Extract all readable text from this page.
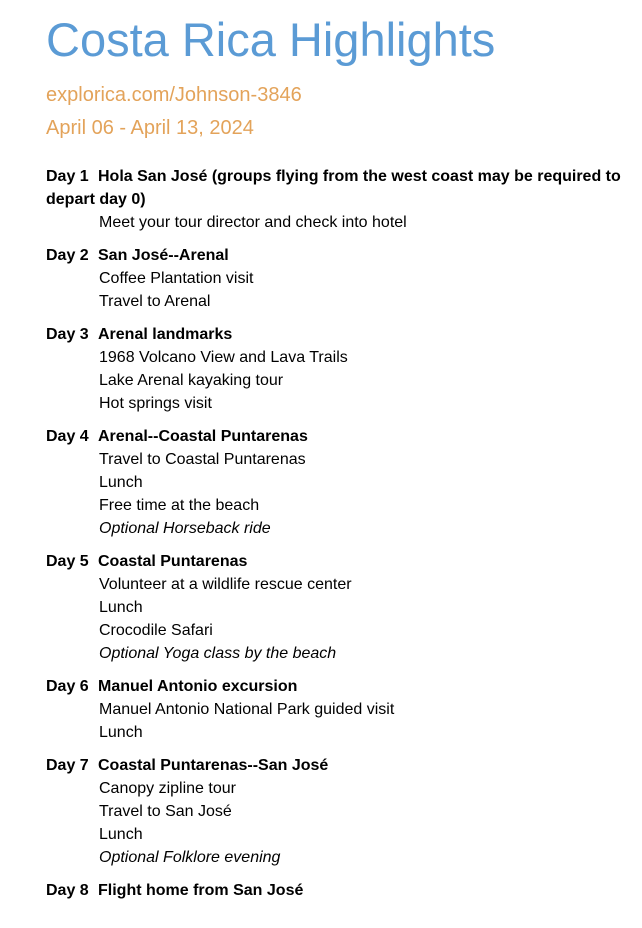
Costa Rica Highlights
explorica.com/Johnson-3846
April 06 - April 13, 2024
Day 1 Hola San José (groups flying from the west coast may be required to depart day 0)
Meet your tour director and check into hotel
Day 2 San José--Arenal
Coffee Plantation visit
Travel to Arenal
Day 3 Arenal landmarks
1968 Volcano View and Lava Trails
Lake Arenal kayaking tour
Hot springs visit
Day 4 Arenal--Coastal Puntarenas
Travel to Coastal Puntarenas
Lunch
Free time at the beach
Optional Horseback ride
Day 5 Coastal Puntarenas
Volunteer at a wildlife rescue center
Lunch
Crocodile Safari
Optional Yoga class by the beach
Day 6 Manuel Antonio excursion
Manuel Antonio National Park guided visit
Lunch
Day 7 Coastal Puntarenas--San José
Canopy zipline tour
Travel to San José
Lunch
Optional Folklore evening
Day 8 Flight home from San José
